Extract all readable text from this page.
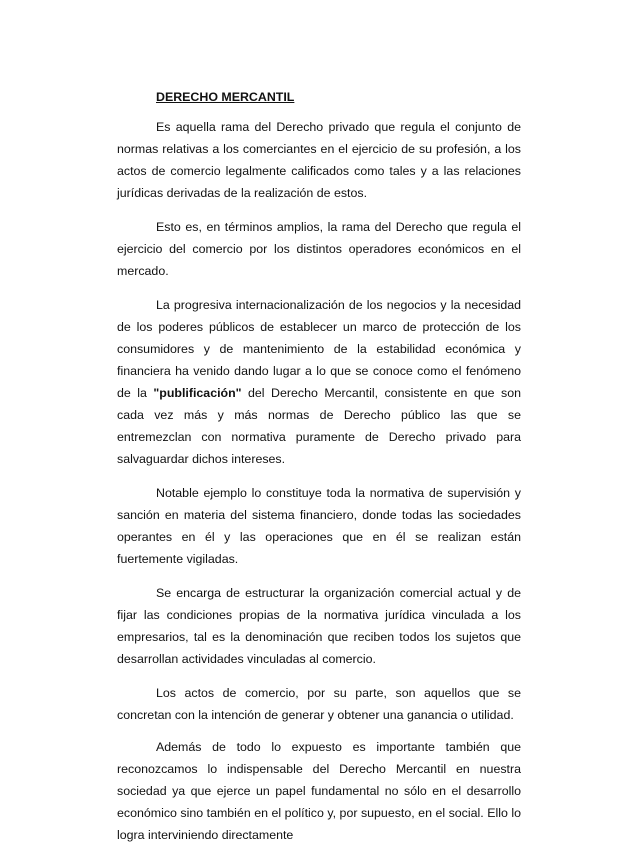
DERECHO MERCANTIL

Es aquella rama del Derecho privado que regula el conjunto de normas relativas a los comerciantes en el ejercicio de su profesión, a los actos de comercio legalmente calificados como tales y a las relaciones jurídicas derivadas de la realización de estos.

Esto es, en términos amplios, la rama del Derecho que regula el ejercicio del comercio por los distintos operadores económicos en el mercado.

La progresiva internacionalización de los negocios y la necesidad de los poderes públicos de establecer un marco de protección de los consumidores y de mantenimiento de la estabilidad económica y financiera ha venido dando lugar a lo que se conoce como el fenómeno de la "publificación" del Derecho Mercantil, consistente en que son cada vez más y más normas de Derecho público las que se entremezclan con normativa puramente de Derecho privado para salvaguardar dichos intereses.

Notable ejemplo lo constituye toda la normativa de supervisión y sanción en materia del sistema financiero, donde todas las sociedades operantes en él y las operaciones que en él se realizan están fuertemente vigiladas.

Se encarga de estructurar la organización comercial actual y de fijar las condiciones propias de la normativa jurídica vinculada a los empresarios, tal es la denominación que reciben todos los sujetos que desarrollan actividades vinculadas al comercio.

Los actos de comercio, por su parte, son aquellos que se concretan con la intención de generar y obtener una ganancia o utilidad.

Además de todo lo expuesto es importante también que reconozcamos lo indispensable del Derecho Mercantil en nuestra sociedad ya que ejerce un papel fundamental no sólo en el desarrollo económico sino también en el político y, por supuesto, en el social. Ello lo logra interviniendo directamente
